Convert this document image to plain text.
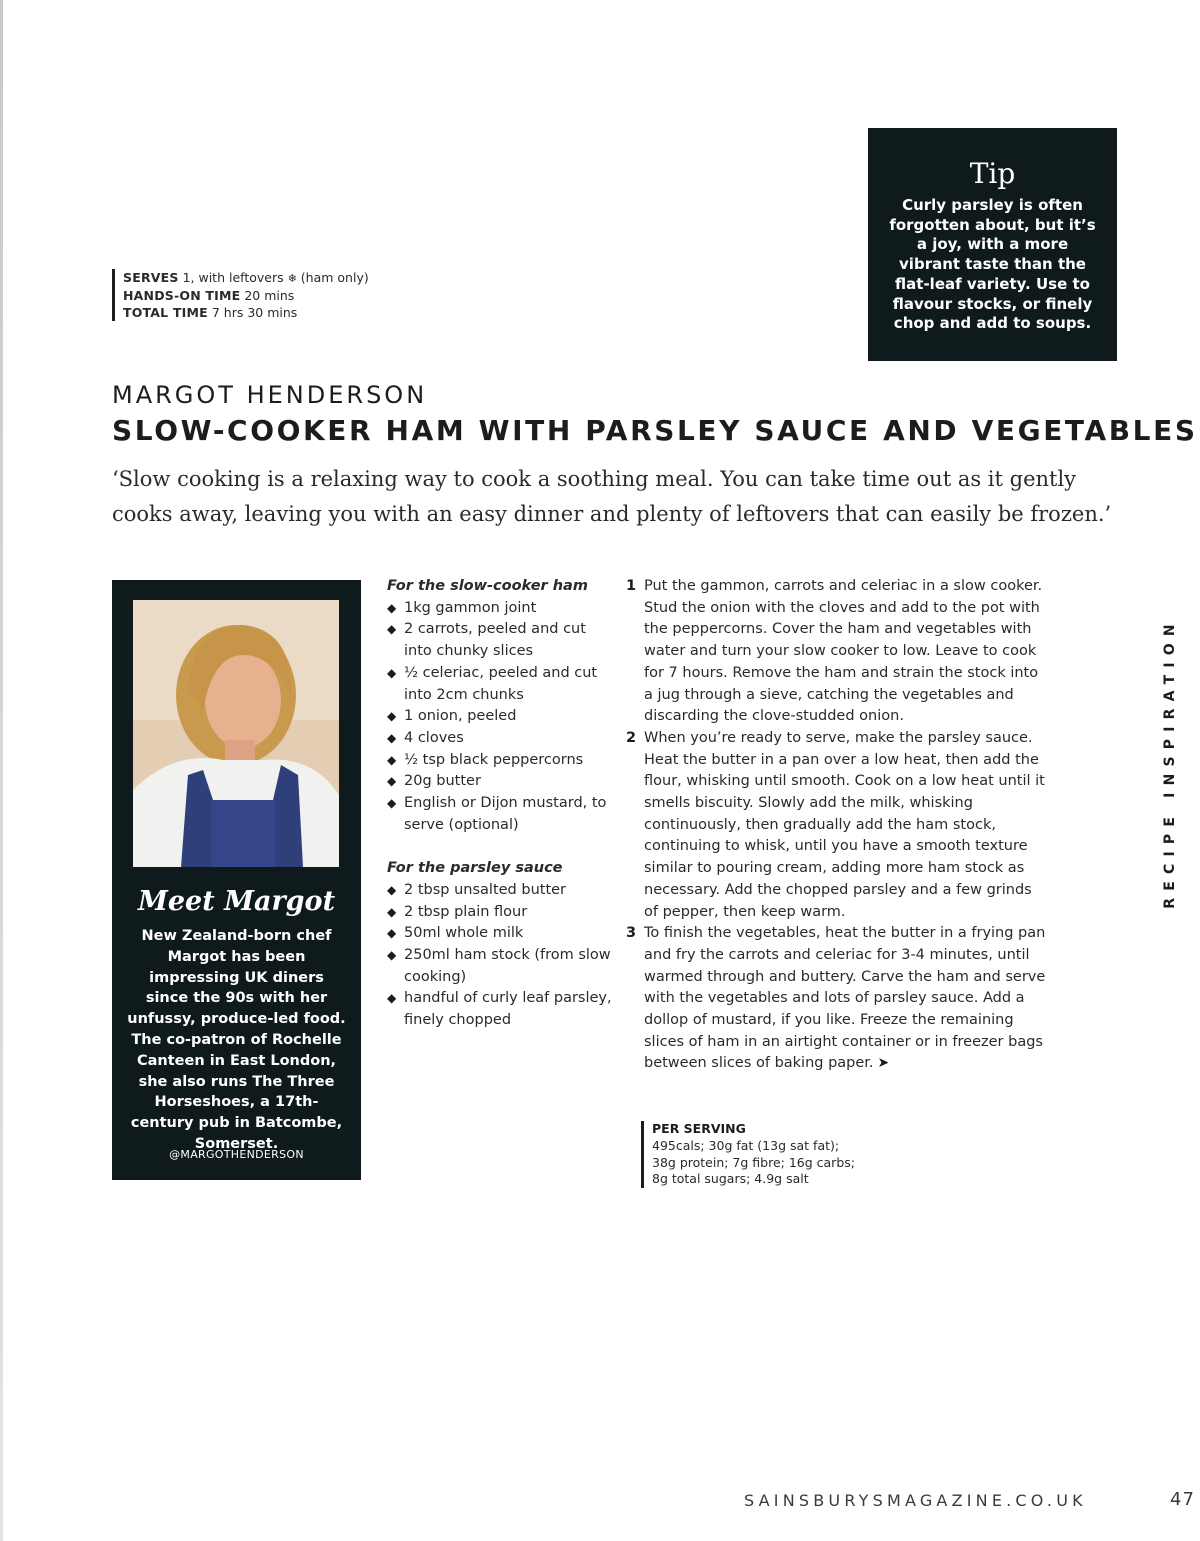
SERVES 1, with leftovers ❄ (ham only)
HANDS-ON TIME 20 mins
TOTAL TIME 7 hrs 30 mins
Tip
Curly parsley is often forgotten about, but it’s a joy, with a more vibrant taste than the flat-leaf variety. Use to flavour stocks, or finely chop and add to soups.
MARGOT HENDERSON
SLOW-COOKER HAM WITH PARSLEY SAUCE AND VEGETABLES
‘Slow cooking is a relaxing way to cook a soothing meal. You can take time out as it gently cooks away, leaving you with an easy dinner and plenty of leftovers that can easily be frozen.’
Meet Margot
New Zealand-born chef Margot has been impressing UK diners since the 90s with her unfussy, produce-led food. The co-patron of Rochelle Canteen in East London, she also runs The Three Horseshoes, a 17th-century pub in Batcombe, Somerset.
@MARGOTHENDERSON
For the slow-cooker ham
◆ 1kg gammon joint
◆ 2 carrots, peeled and cut into chunky slices
◆ ½ celeriac, peeled and cut into 2cm chunks
◆ 1 onion, peeled
◆ 4 cloves
◆ ½ tsp black peppercorns
◆ 20g butter
◆ English or Dijon mustard, to serve (optional)
For the parsley sauce
◆ 2 tbsp unsalted butter
◆ 2 tbsp plain flour
◆ 50ml whole milk
◆ 250ml ham stock (from slow cooking)
◆ handful of curly leaf parsley, finely chopped
1 Put the gammon, carrots and celeriac in a slow cooker. Stud the onion with the cloves and add to the pot with the peppercorns. Cover the ham and vegetables with water and turn your slow cooker to low. Leave to cook for 7 hours. Remove the ham and strain the stock into a jug through a sieve, catching the vegetables and discarding the clove-studded onion.
2 When you’re ready to serve, make the parsley sauce. Heat the butter in a pan over a low heat, then add the flour, whisking until smooth. Cook on a low heat until it smells biscuity. Slowly add the milk, whisking continuously, then gradually add the ham stock, continuing to whisk, until you have a smooth texture similar to pouring cream, adding more ham stock as necessary. Add the chopped parsley and a few grinds of pepper, then keep warm.
3 To finish the vegetables, heat the butter in a frying pan and fry the carrots and celeriac for 3-4 minutes, until warmed through and buttery. Carve the ham and serve with the vegetables and lots of parsley sauce. Add a dollop of mustard, if you like. Freeze the remaining slices of ham in an airtight container or in freezer bags between slices of baking paper. ➤
PER SERVING
495cals; 30g fat (13g sat fat);
38g protein; 7g fibre; 16g carbs;
8g total sugars; 4.9g salt
RECIPE INSPIRATION
SAINSBURYSMAGAZINE.CO.UK	47
